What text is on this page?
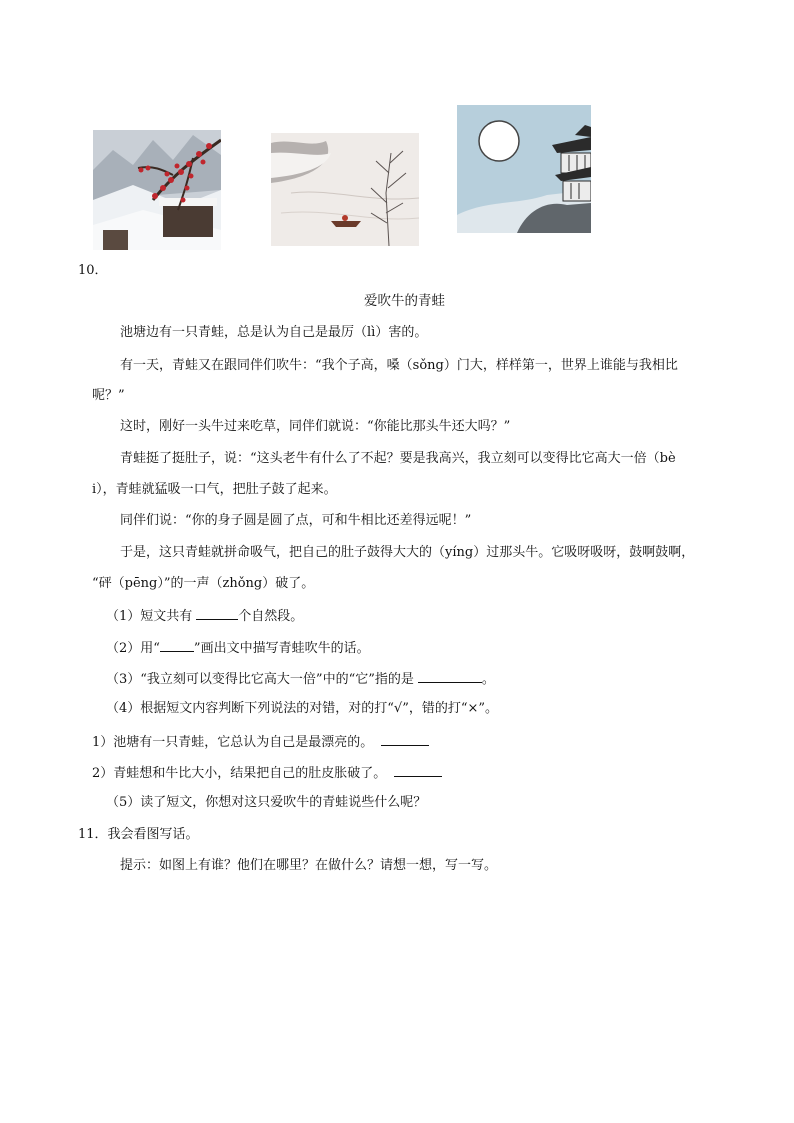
10．
爱吹牛的青蛙
池塘边有一只青蛙，总是认为自己是最厉（lì）害的。
有一天，青蛙又在跟同伴们吹牛：“我个子高，嗓（sǒng）门大，样样第一，世界上谁能与我相比
呢？”
这时，刚好一头牛过来吃草，同伴们就说：“你能比那头牛还大吗？”
青蛙挺了挺肚子，说：“这头老牛有什么了不起？要是我高兴，我立刻可以变得比它高大一倍（bè
i），青蛙就猛吸一口气，把肚子鼓了起来。
同伴们说：“你的身子圆是圆了点，可和牛相比还差得远呢！”
于是，这只青蛙就拼命吸气，把自己的肚子鼓得大大的（yíng）过那头牛。它吸呀吸呀，鼓啊鼓啊，
“砰（pēng）”的一声（zhǒng）破了。
（1）短文共有	个自然段。
（2）用“	”画出文中描写青蛙吹牛的话。
（3）“我立刻可以变得比它高大一倍”中的“它”指的是	。
（4）根据短文内容判断下列说法的对错，对的打“√”，错的打“×”。
1）池塘有一只青蛙，它总认为自己是最漂亮的。
2）青蛙想和牛比大小，结果把自己的肚皮胀破了。
（5）读了短文，你想对这只爱吹牛的青蛙说些什么呢？
11．我会看图写话。
提示：如图上有谁？他们在哪里？在做什么？请想一想，写一写。
